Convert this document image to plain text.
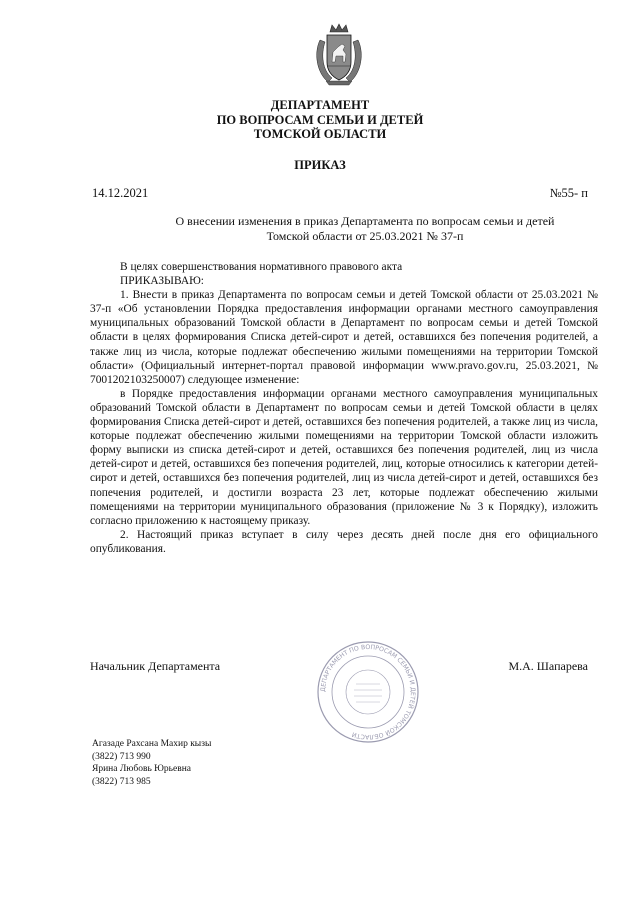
ДЕПАРТАМЕНТ
ПО ВОПРОСАМ СЕМЬИ И ДЕТЕЙ
ТОМСКОЙ ОБЛАСТИ
ПРИКАЗ
14.12.2021	№55- п
О внесении изменения в приказ Департамента по вопросам семьи и детей
Томской области от 25.03.2021 № 37-п

В целях совершенствования нормативного правового акта

ПРИКАЗЫВАЮ:

1. Внести в приказ Департамента по вопросам семьи и детей Томской области от 25.03.2021 № 37-п «Об установлении Порядка предоставления информации органами местного самоуправления муниципальных образований Томской области в Департамент по вопросам семьи и детей Томской области в целях формирования Списка детей-сирот и детей, оставшихся без попечения родителей, а также лиц из числа, которые подлежат обеспечению жилыми помещениями на территории Томской области» (Официальный интернет-портал правовой информации www.pravo.gov.ru, 25.03.2021, № 7001202103250007) следующее изменение:

в Порядке предоставления информации органами местного самоуправления муниципальных образований Томской области в Департамент по вопросам семьи и детей Томской области в целях формирования Списка детей-сирот и детей, оставшихся без попечения родителей, а также лиц из числа, которые подлежат обеспечению жилыми помещениями на территории Томской области изложить форму выписки из списка детей-сирот и детей, оставшихся без попечения родителей, лиц из числа детей-сирот и детей, оставшихся без попечения родителей, лиц, которые относились к категории детей-сирот и детей, оставшихся без попечения родителей, лиц из числа детей-сирот и детей, оставшихся без попечения родителей, и достигли возраста 23 лет, которые подлежат обеспечению жилыми помещениями на территории муниципального образования (приложение № 3 к Порядку), изложить согласно приложению к настоящему приказу.

2. Настоящий приказ вступает в силу через десять дней после дня его официального опубликования.

Начальник Департамента
ДЕПАРТАМЕНТ ПО ВОПРОСАМ СЕМЬИ И ДЕТЕЙ ТОМСКОЙ ОБЛАСТИ
М.А. Шапарева
Агазаде Рахсана Махир кызы
(3822) 713 990
Ярина Любовь Юрьевна
(3822) 713 985
